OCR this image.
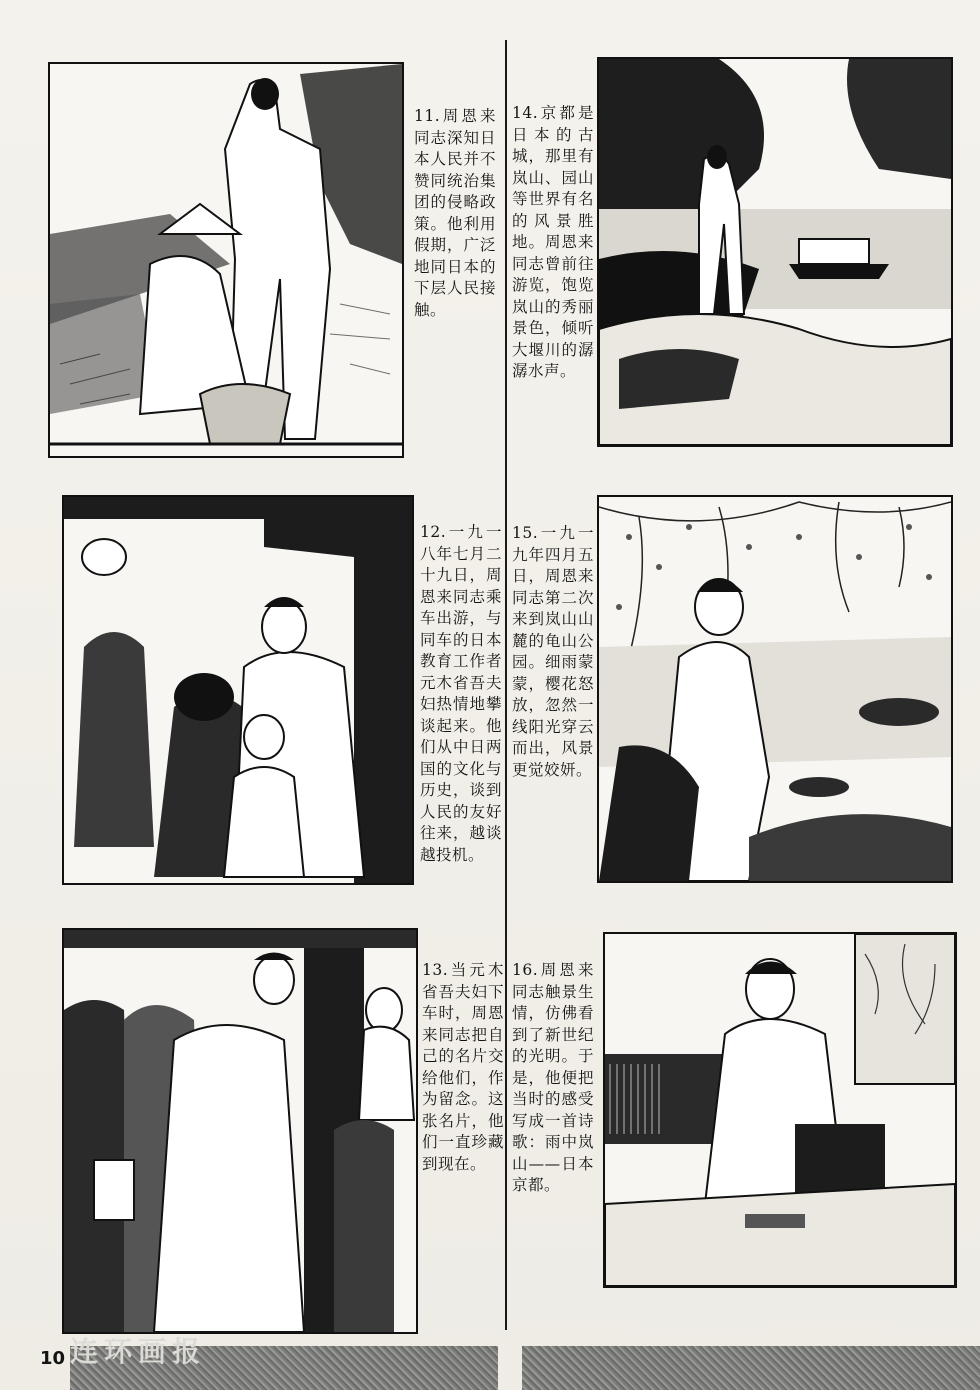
11.周恩来同志深知日本人民并不赞同统治集团的侵略政策。他利用假期，广泛地同日本的下层人民接触。
12.一九一八年七月二十九日，周恩来同志乘车出游，与同车的日本教育工作者元木省吾夫妇热情地攀谈起来。他们从中日两国的文化与历史，谈到人民的友好往来，越谈越投机。
13.当元木省吾夫妇下车时，周恩来同志把自己的名片交给他们，作为留念。这张名片，他们一直珍藏到现在。
14.京都是日本的古城，那里有岚山、园山等世界有名的风景胜地。周恩来同志曾前往游览，饱览岚山的秀丽景色，倾听大堰川的潺潺水声。
15.一九一九年四月五日，周恩来同志第二次来到岚山山麓的龟山公园。细雨蒙蒙，樱花怒放，忽然一线阳光穿云而出，风景更觉姣妍。
16.周恩来同志触景生情，仿佛看到了新世纪的光明。于是，他便把当时的感受写成一首诗歌：雨中岚山——日本京都。
连环画报
10
